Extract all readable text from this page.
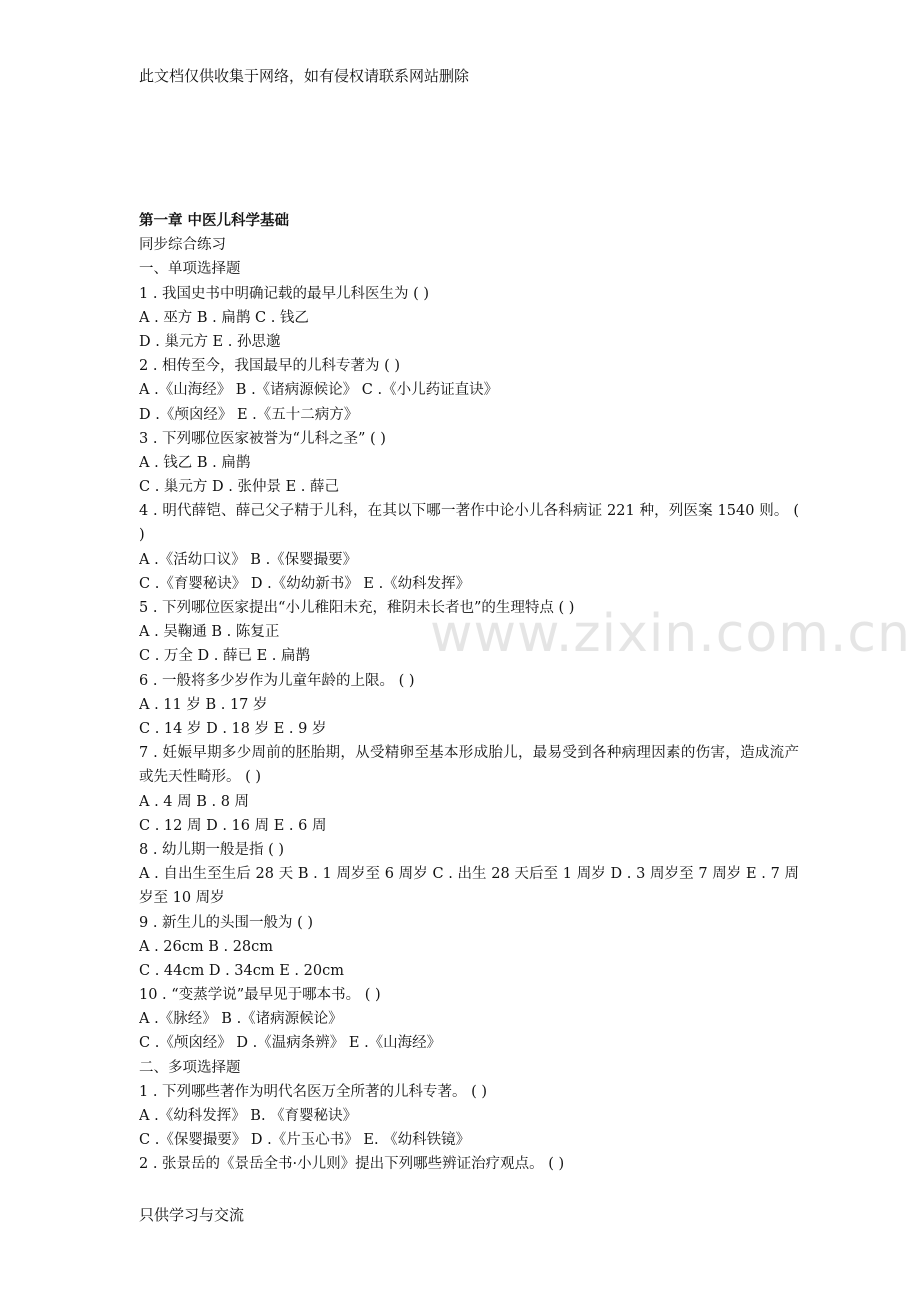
此文档仅供收集于网络，如有侵权请联系网站删除
www.zixin.com.cn
第一章 中医儿科学基础
同步综合练习
一、单项选择题
1 . 我国史书中明确记载的最早儿科医生为 ( )
A . 巫方 B . 扁鹊 C . 钱乙
D . 巢元方 E . 孙思邈
2 . 相传至今，我国最早的儿科专著为 ( )
A .《山海经》 B .《诸病源候论》 C .《小儿药证直诀》
D .《颅囟经》 E .《五十二病方》
3 . 下列哪位医家被誉为“儿科之圣” ( )
A . 钱乙 B . 扁鹊
C . 巢元方 D . 张仲景 E . 薛己
4 . 明代薛铠、薛己父子精于儿科，在其以下哪一著作中论小儿各科病证 221 种，列医案 1540 则。 ( )
A .《活幼口议》 B .《保婴撮要》
C .《育婴秘诀》 D .《幼幼新书》 E .《幼科发挥》
5 . 下列哪位医家提出“小儿稚阳未充，稚阴未长者也”的生理特点 ( )
A . 吴鞠通 B . 陈复正
C . 万全 D . 薛已 E . 扁鹊
6 . 一般将多少岁作为儿童年龄的上限。 ( )
A . 11 岁 B . 17 岁
C . 14 岁 D . 18 岁 E . 9 岁
7 . 妊娠早期多少周前的胚胎期，从受精卵至基本形成胎儿，最易受到各种病理因素的伤害，造成流产或先天性畸形。 ( )
A . 4 周 B . 8 周
C . 12 周 D . 16 周 E . 6 周
8 . 幼儿期一般是指 ( )
A . 自出生至生后 28 天 B . 1 周岁至 6 周岁 C . 出生 28 天后至 1 周岁 D . 3 周岁至 7 周岁 E . 7 周岁至 10 周岁
9 . 新生儿的头围一般为 ( )
A . 26cm B . 28cm
C . 44cm D . 34cm E . 20cm
10 . “变蒸学说”最早见于哪本书。 ( )
A .《脉经》 B .《诸病源候论》
C .《颅囟经》 D .《温病条辨》 E .《山海经》
二、多项选择题
1 . 下列哪些著作为明代名医万全所著的儿科专著。 ( )
A .《幼科发挥》 B. 《育婴秘诀》
C .《保婴撮要》 D .《片玉心书》 E. 《幼科铁镜》
2 . 张景岳的《景岳全书·小儿则》提出下列哪些辨证治疗观点。 ( )
只供学习与交流
